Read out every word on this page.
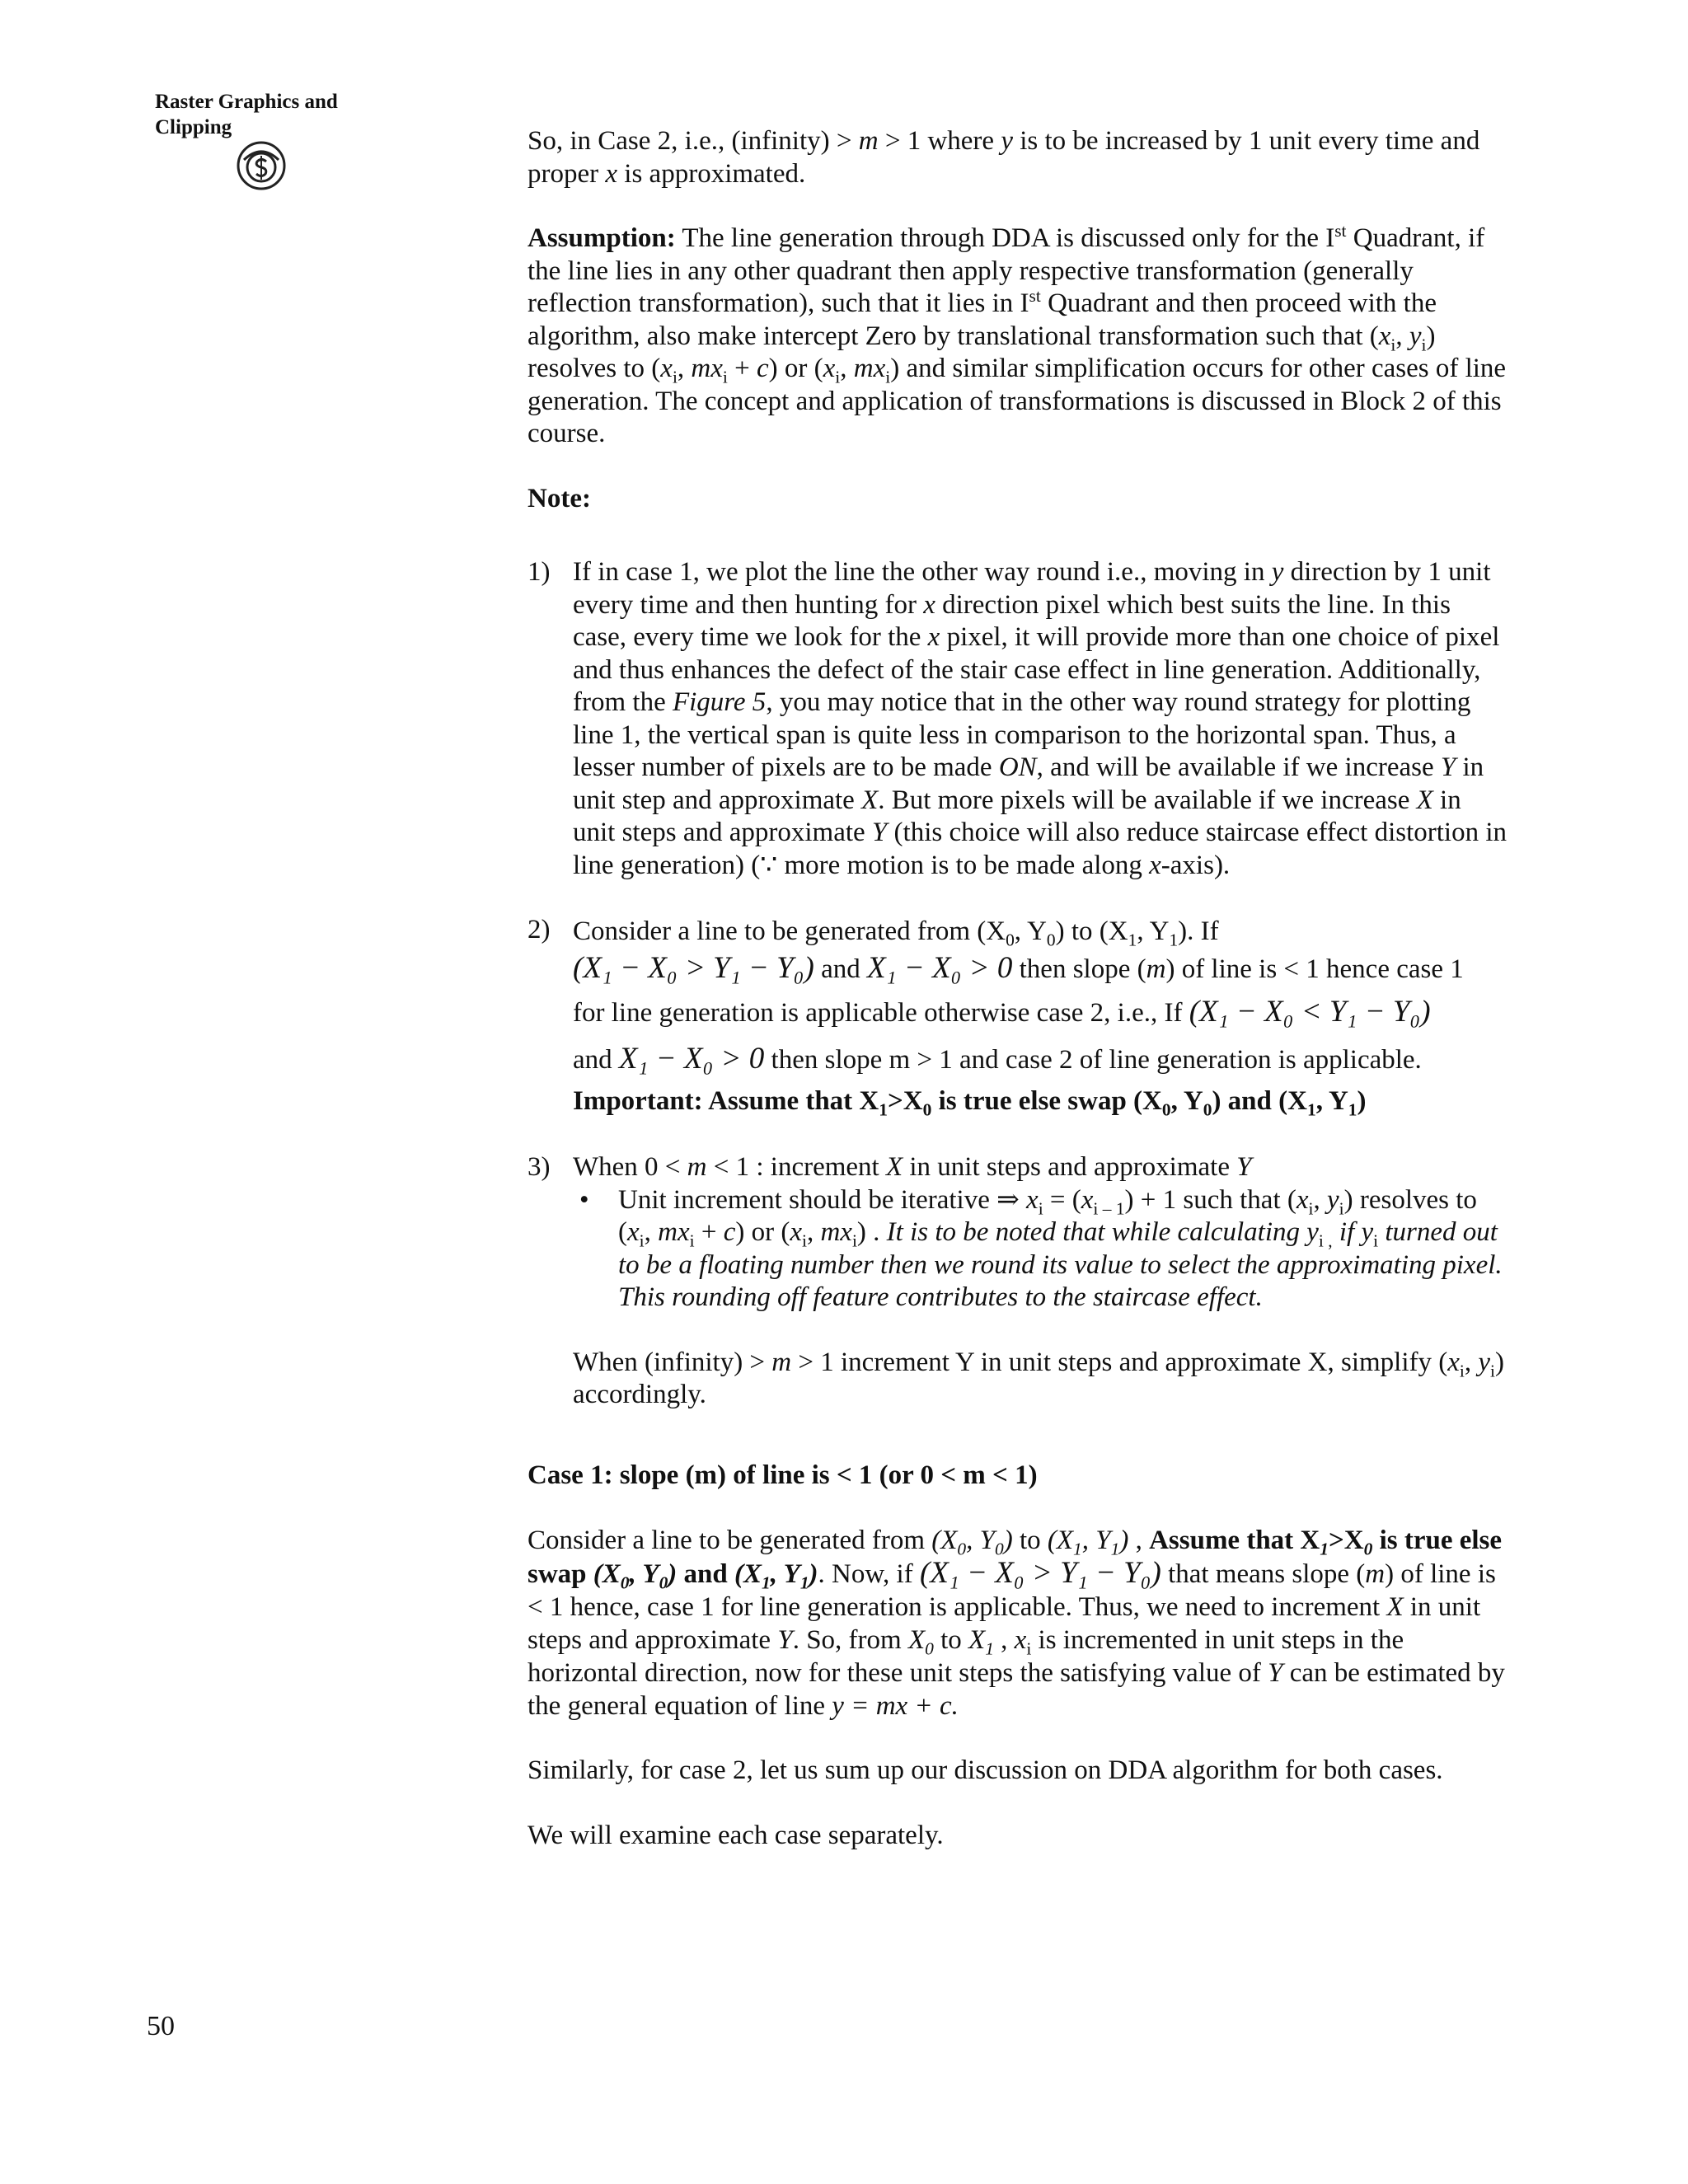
Raster Graphics and
Clipping	So, in Case 2, i.e., (infinity) > m > 1 where y is to be increased by 1 unit every time and proper x is approximated.

Assumption: The line generation through DDA is discussed only for the Ist Quadrant, if the line lies in any other quadrant then apply respective transformation (generally reflection transformation), such that it lies in Ist Quadrant and then proceed with the algorithm, also make intercept Zero by translational transformation such that ($x_i$, $y_i$) resolves to ($x_i$, $mx_i + c$) or ($x_i$, $mx_i$) and similar simplification occurs for other cases of line generation. The concept and application of transformations is discussed in Block 2 of this course.

Note:

1) If in case 1, we plot the line the other way round i.e., moving in y direction by 1 unit every time and then hunting for x direction pixel which best suits the line. In this case, every time we look for the x pixel, it will provide more than one choice of pixel and thus enhances the defect of the stair case effect in line generation. Additionally, from the Figure 5, you may notice that in the other way round strategy for plotting line 1, the vertical span is quite less in comparison to the horizontal span. Thus, a lesser number of pixels are to be made ON, and will be available if we increase Y in unit step and approximate X. But more pixels will be available if we increase X in unit steps and approximate Y (this choice will also reduce staircase effect distortion in line generation) (∵ more motion is to be made along x-axis).
2) Consider a line to be generated from ($X_0$, $Y_0$) to ($X_1$, $Y_1$). If
(X₁ − X₀ > Y₁ − Y₀) and X₁ − X₀ > 0 then slope (m) of line is < 1 hence case 1
for line generation is applicable otherwise case 2, i.e., If (X₁ − X₀ < Y₁ − Y₀)
and X₁ − X₀ > 0 then slope m > 1 and case 2 of line generation is applicable.
Important: Assume that $X_1>X_0$ is true else swap ($X_0$, $Y_0$) and ($X_1$, $Y_1$)
3) When 0 < m < 1 : increment X in unit steps and approximate Y
• Unit increment should be iterative ⇒ $x_i = (x_{i - 1}) + 1$ such that ($x_i$, $y_i$) resolves to ($x_i$, $mx_i + c$) or ($x_i$, $mx_i$) . It is to be noted that while calculating $y_{i ,}$ if $y_i$ turned out to be a floating number then we round its value to select the approximating pixel. This rounding off feature contributes to the staircase effect.
When (infinity) > m > 1 increment Y in unit steps and approximate X, simplify ($x_i$, $y_i$) accordingly.

Case 1: slope (m) of line is < 1 (or 0 < m < 1)

Consider a line to be generated from ($X_0$, $Y_0$) to ($X_1$, $Y_1$) , Assume that $X_1>X_0$ is true else swap ($X_0$, $Y_0$) and ($X_1$, $Y_1$). Now, if (X₁ − X₀ > Y₁ − Y₀) that means slope (m) of line is < 1 hence, case 1 for line generation is applicable. Thus, we need to increment X in unit steps and approximate Y. So, from $X_0$ to $X_1$ , $x_i$ is incremented in unit steps in the horizontal direction, now for these unit steps the satisfying value of Y can be estimated by the general equation of line y = mx + c.

Similarly, for case 2, let us sum up our discussion on DDA algorithm for both cases.

We will examine each case separately.

50
